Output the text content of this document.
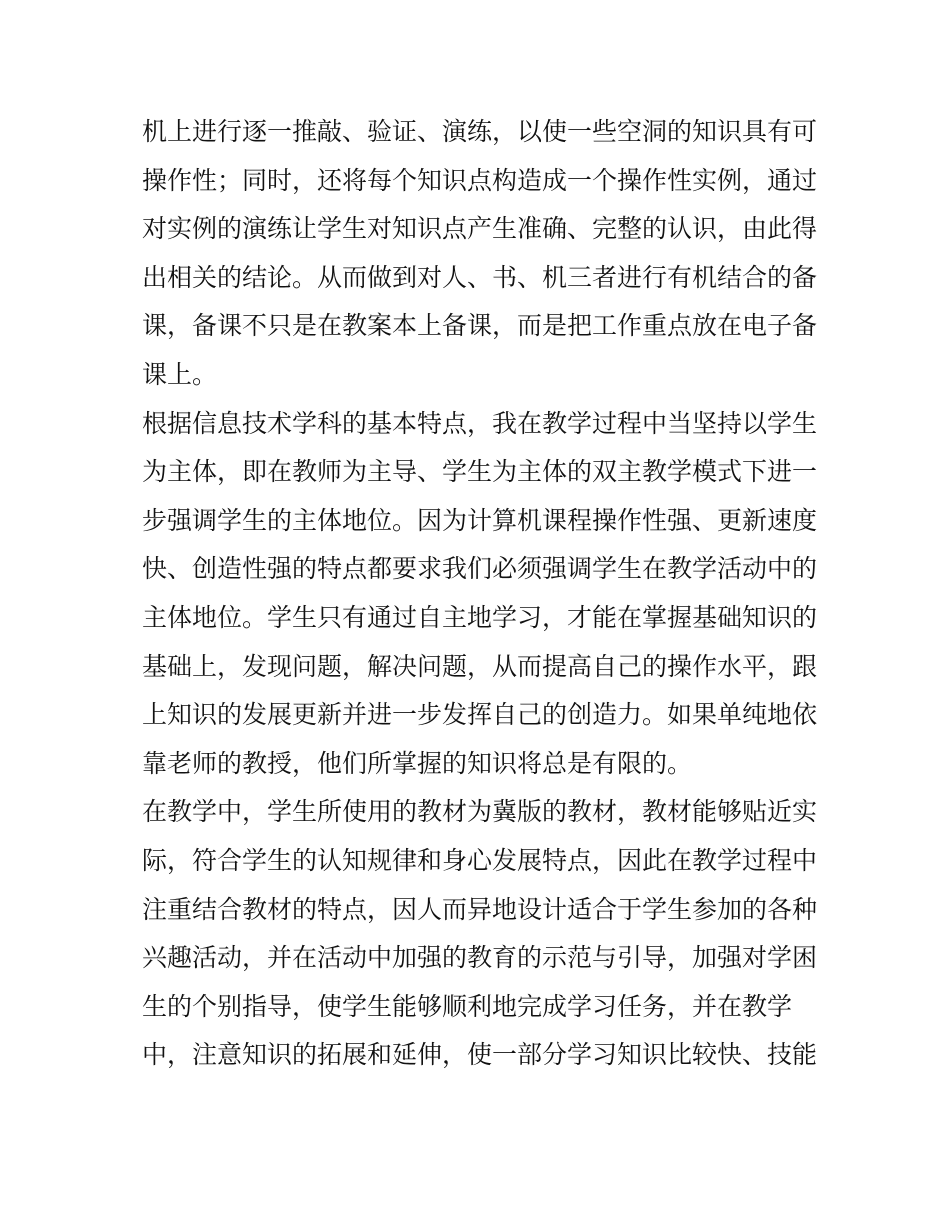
机上进行逐一推敲、验证、演练，以使一些空洞的知识具有可
操作性；同时，还将每个知识点构造成一个操作性实例，通过
对实例的演练让学生对知识点产生准确、完整的认识，由此得
出相关的结论。从而做到对人、书、机三者进行有机结合的备
课，备课不只是在教案本上备课，而是把工作重点放在电子备
课上。
根据信息技术学科的基本特点，我在教学过程中当坚持以学生
为主体，即在教师为主导、学生为主体的双主教学模式下进一
步强调学生的主体地位。因为计算机课程操作性强、更新速度
快、创造性强的特点都要求我们必须强调学生在教学活动中的
主体地位。学生只有通过自主地学习，才能在掌握基础知识的
基础上，发现问题，解决问题，从而提高自己的操作水平，跟
上知识的发展更新并进一步发挥自己的创造力。如果单纯地依
靠老师的教授，他们所掌握的知识将总是有限的。
在教学中，学生所使用的教材为冀版的教材，教材能够贴近实
际，符合学生的认知规律和身心发展特点，因此在教学过程中
注重结合教材的特点，因人而异地设计适合于学生参加的各种
兴趣活动，并在活动中加强的教育的示范与引导，加强对学困
生的个别指导，使学生能够顺利地完成学习任务，并在教学
中，注意知识的拓展和延伸，使一部分学习知识比较快、技能
